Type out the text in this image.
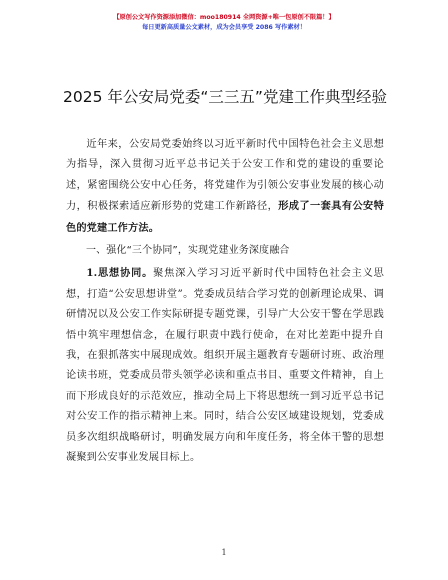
【原创公文写作资源添加微信：moo180914 全网资源+唯一包原创不限篇！】
每日更新高质量公文素材，成为会员享受 2086 写作素材！
2025 年公安局党委“三三五”党建工作典型经验

近年来，公安局党委始终以习近平新时代中国特色社会主义思想为指导，深入贯彻习近平总书记关于公安工作和党的建设的重要论述，紧密围绕公安中心任务，将党建作为引领公安事业发展的核心动力，积极探索适应新形势的党建工作新路径，形成了一套具有公安特色的党建工作方法。

一、强化“三个协同”，实现党建业务深度融合

1.思想协同。聚焦深入学习习近平新时代中国特色社会主义思想，打造“公安思想讲堂”。党委成员结合学习党的创新理论成果、调研情况以及公安工作实际研提专题党课，引导广大公安干警在学思践悟中筑牢理想信念，在履行职责中践行使命，在对比差距中提升自我，在狠抓落实中展现成效。组织开展主题教育专题研讨班、政治理论读书班，党委成员带头领学必读和重点书目、重要文件精神，自上而下形成良好的示范效应，推动全局上下将思想统一到习近平总书记对公安工作的指示精神上来。同时，结合公安区域建设规划，党委成员多次组织战略研讨，明确发展方向和年度任务，将全体干警的思想凝聚到公安事业发展目标上。

1
